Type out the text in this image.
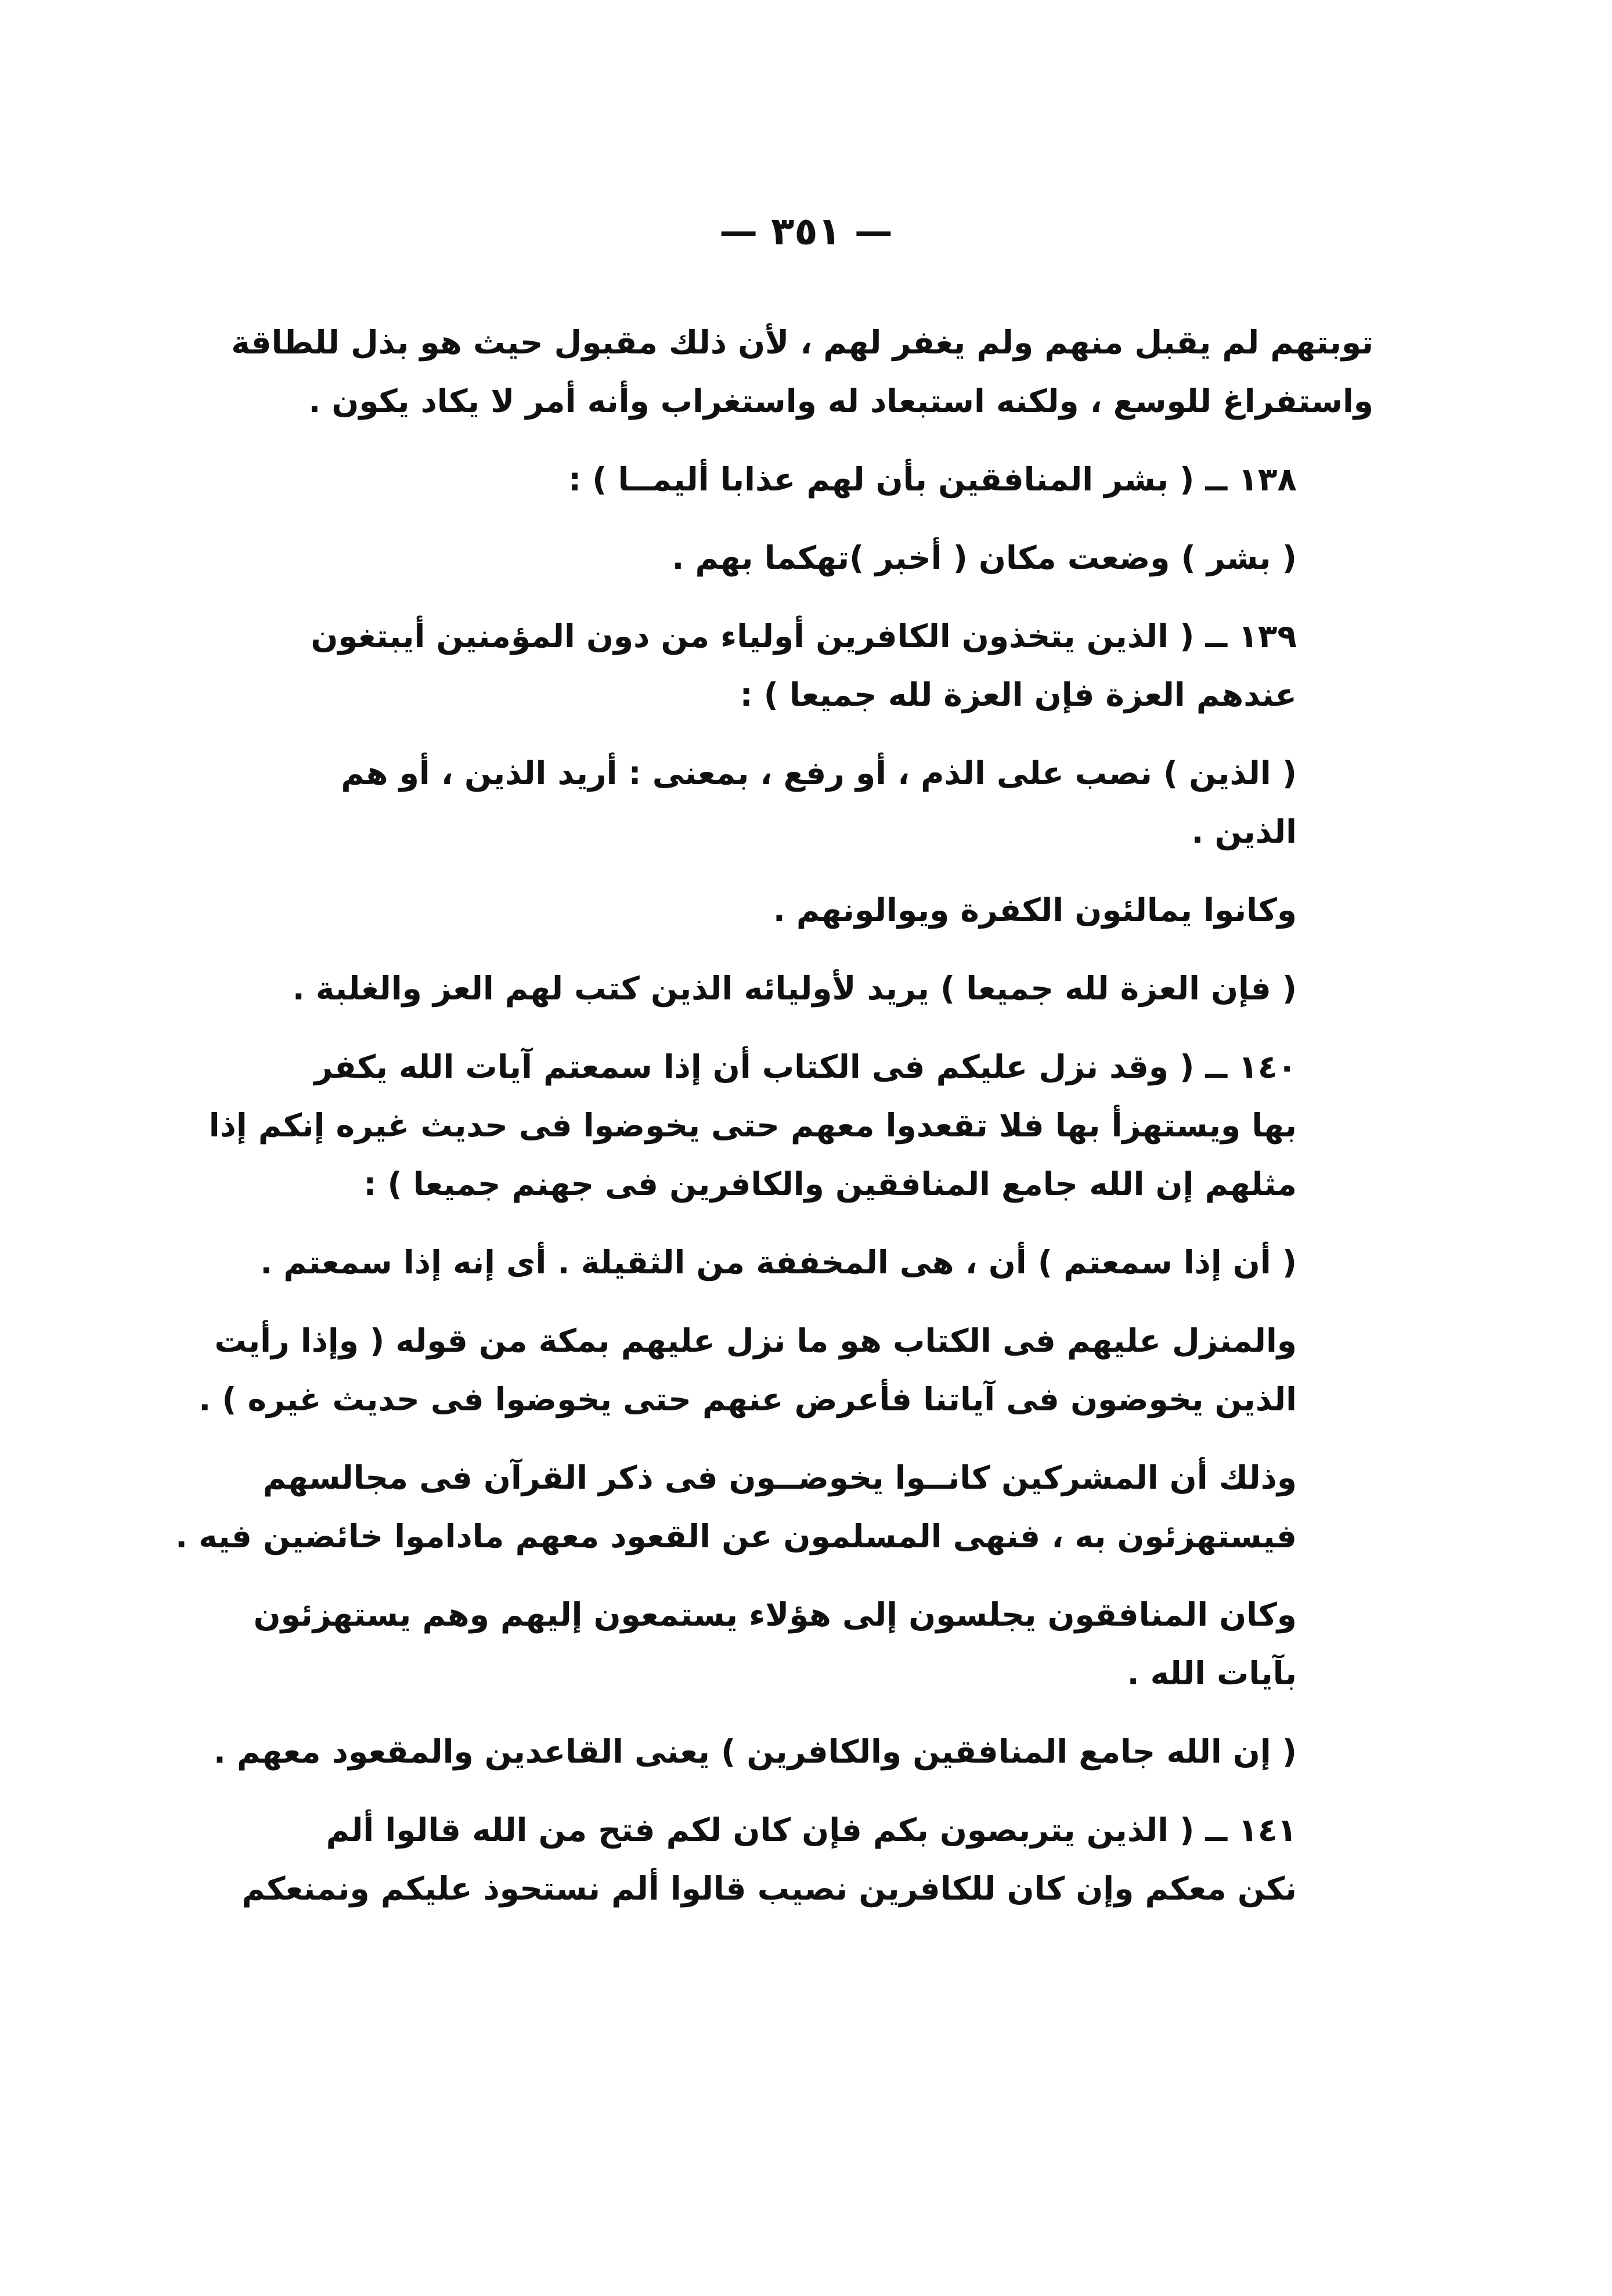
— ٣٥١ —
توبتهم لم يقبل منهم ولم يغفر لهم ، لأن ذلك مقبول حيث هو بذل للطاقة
واستفراغ للوسع ، ولكنه استبعاد له واستغراب وأنه أمر لا يكاد يكون .
١٣٨ ــ ( بشر المنافقين بأن لهم عذابا أليمــا ) :
( بشر ) وضعت مكان ( أخبر )تهكما بهم .
١٣٩ ــ ( الذين يتخذون الكافرين أولياء من دون المؤمنين أيبتغون
عندهم العزة فإن العزة لله جميعا ) :
( الذين ) نصب على الذم ، أو رفع ، بمعنى : أريد الذين ، أو هم
الذين .
وكانوا يمالئون الكفرة ويوالونهم .
( فإن العزة لله جميعا ) يريد لأوليائه الذين كتب لهم العز والغلبة .
١٤٠ ــ ( وقد نزل عليكم فى الكتاب أن إذا سمعتم آيات الله يكفر
بها ويستهزأ بها فلا تقعدوا معهم حتى يخوضوا فى حديث غيره إنكم إذا
مثلهم إن الله جامع المنافقين والكافرين فى جهنم جميعا ) :
( أن إذا سمعتم ) أن ، هى المخففة من الثقيلة . أى إنه إذا سمعتم .
والمنزل عليهم فى الكتاب هو ما نزل عليهم بمكة من قوله ( وإذا رأيت
الذين يخوضون فى آياتنا فأعرض عنهم حتى يخوضوا فى حديث غيره ) .
وذلك أن المشركين كانــوا يخوضــون فى ذكر القرآن فى مجالسهم
فيستهزئون به ، فنهى المسلمون عن القعود معهم ماداموا خائضين فيه .
وكان المنافقون يجلسون إلى هؤلاء يستمعون إليهم وهم يستهزئون
بآيات الله .
( إن الله جامع المنافقين والكافرين ) يعنى القاعدين والمقعود معهم .
١٤١ ــ ( الذين يتربصون بكم فإن كان لكم فتح من الله قالوا ألم
نكن معكم وإن كان للكافرين نصيب قالوا ألم نستحوذ عليكم ونمنعكم
